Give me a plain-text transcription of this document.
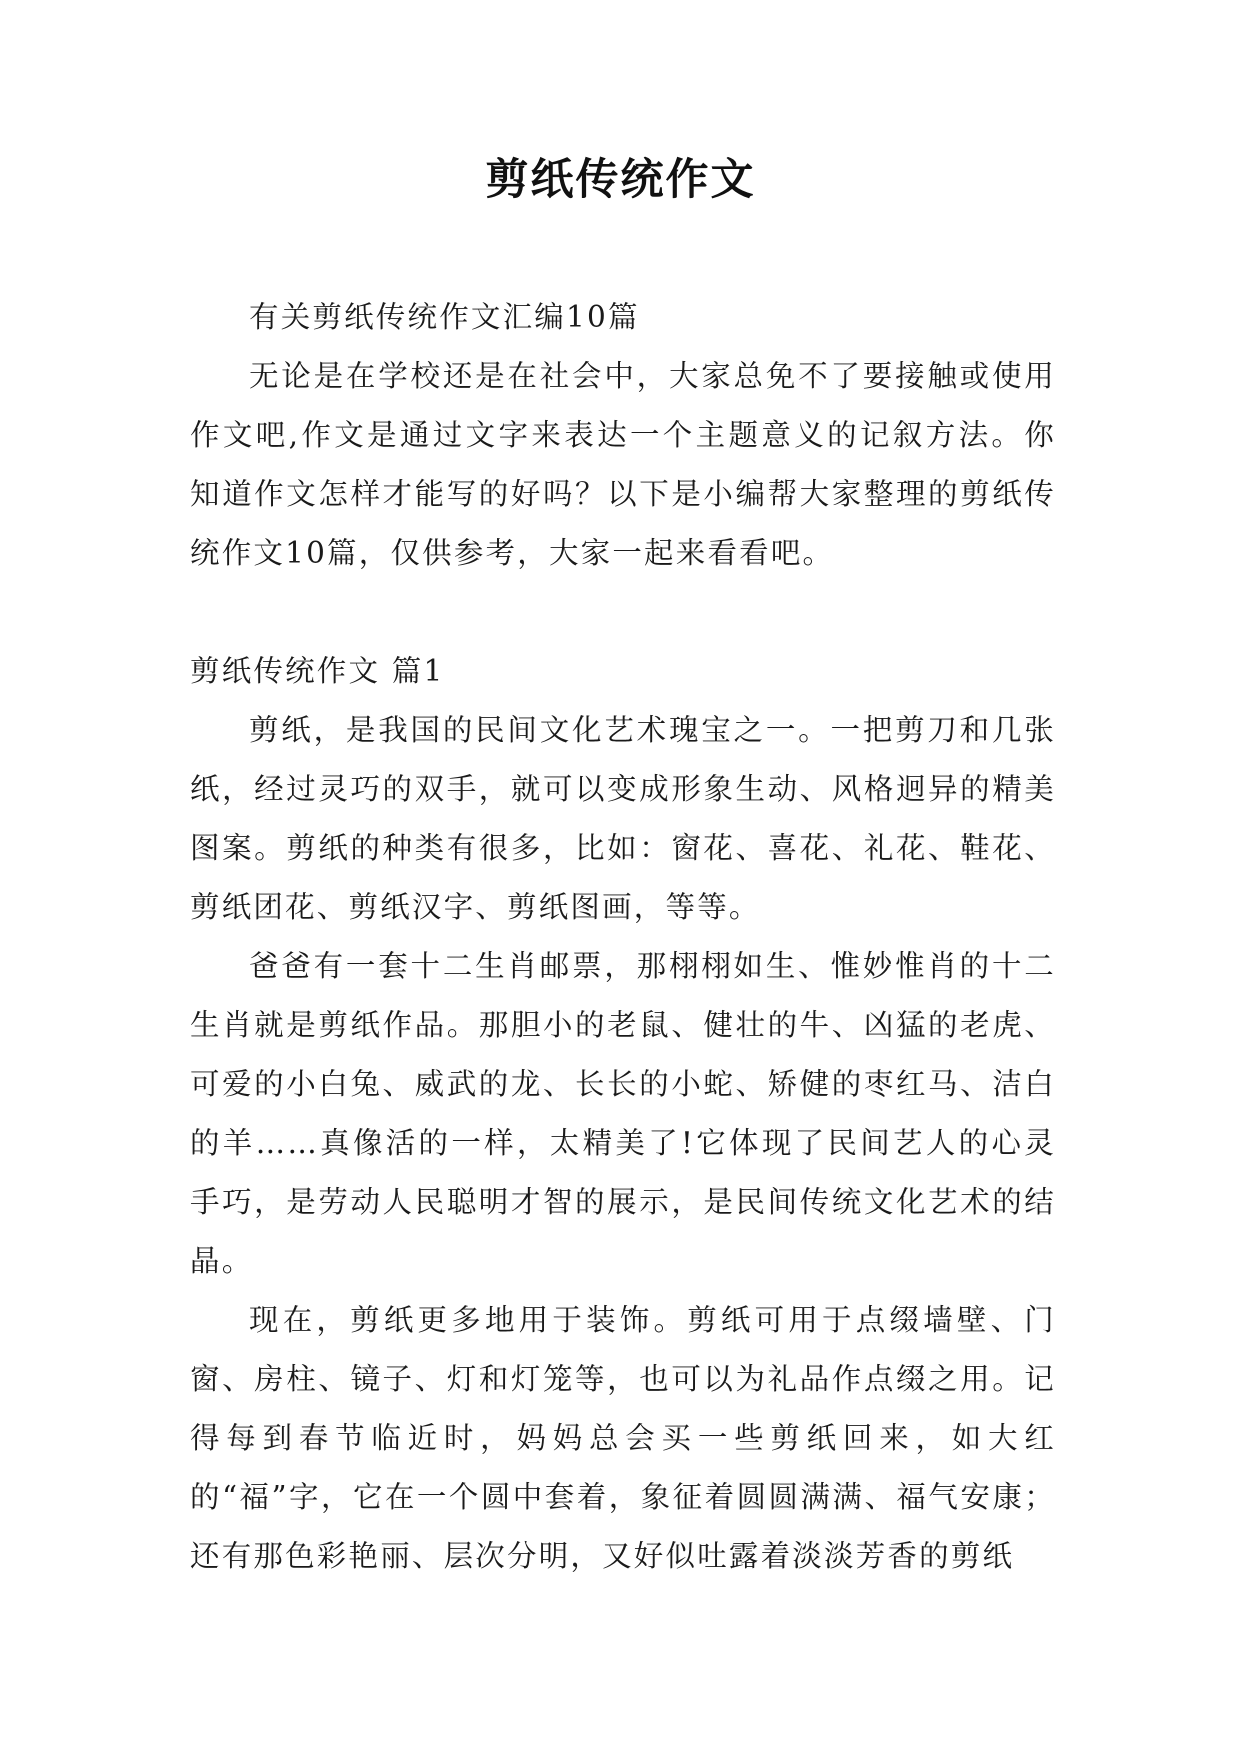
剪纸传统作文

有关剪纸传统作文汇编10篇

无论是在学校还是在社会中，大家总免不了要接触或使用作文吧,作文是通过文字来表达一个主题意义的记叙方法。你知道作文怎样才能写的好吗？以下是小编帮大家整理的剪纸传统作文10篇，仅供参考，大家一起来看看吧。

剪纸传统作文 篇1

剪纸，是我国的民间文化艺术瑰宝之一。一把剪刀和几张纸，经过灵巧的双手，就可以变成形象生动、风格迥异的精美图案。剪纸的种类有很多，比如：窗花、喜花、礼花、鞋花、剪纸团花、剪纸汉字、剪纸图画，等等。

爸爸有一套十二生肖邮票，那栩栩如生、惟妙惟肖的十二生肖就是剪纸作品。那胆小的老鼠、健壮的牛、凶猛的老虎、可爱的小白兔、威武的龙、长长的小蛇、矫健的枣红马、洁白的羊……真像活的一样，太精美了!它体现了民间艺人的心灵手巧，是劳动人民聪明才智的展示，是民间传统文化艺术的结晶。

现在，剪纸更多地用于装饰。剪纸可用于点缀墙壁、门窗、房柱、镜子、灯和灯笼等，也可以为礼品作点缀之用。记得每到春节临近时，妈妈总会买一些剪纸回来，如大红的“福”字，它在一个圆中套着，象征着圆圆满满、福气安康；还有那色彩艳丽、层次分明，又好似吐露着淡淡芳香的剪纸
